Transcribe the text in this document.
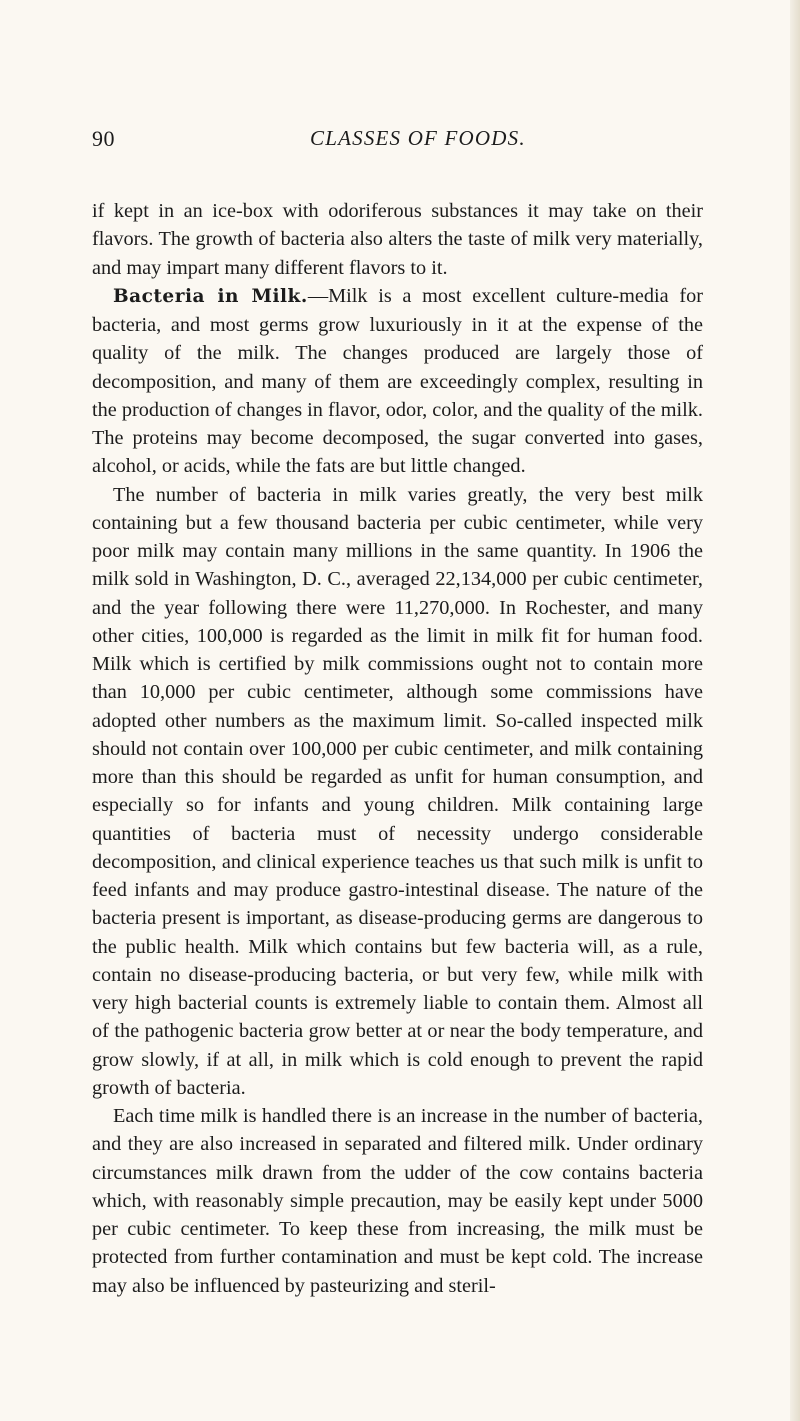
90	CLASSES OF FOODS.

if kept in an ice-box with odoriferous substances it may take on their flavors. The growth of bacteria also alters the taste of milk very materially, and may impart many different flavors to it.

Bacteria in Milk.—Milk is a most excellent culture-media for bacteria, and most germs grow luxuriously in it at the expense of the quality of the milk. The changes produced are largely those of decomposition, and many of them are exceedingly complex, resulting in the production of changes in flavor, odor, color, and the quality of the milk. The proteins may become decomposed, the sugar converted into gases, alcohol, or acids, while the fats are but little changed.

The number of bacteria in milk varies greatly, the very best milk containing but a few thousand bacteria per cubic centimeter, while very poor milk may contain many millions in the same quantity. In 1906 the milk sold in Washington, D. C., averaged 22,134,000 per cubic centimeter, and the year following there were 11,270,000. In Rochester, and many other cities, 100,000 is regarded as the limit in milk fit for human food. Milk which is certified by milk commissions ought not to contain more than 10,000 per cubic centimeter, although some commissions have adopted other numbers as the maximum limit. So-called inspected milk should not contain over 100,000 per cubic centimeter, and milk containing more than this should be regarded as unfit for human consumption, and especially so for infants and young children. Milk containing large quantities of bacteria must of necessity undergo considerable decomposition, and clinical experience teaches us that such milk is unfit to feed infants and may produce gastro-intestinal disease. The nature of the bacteria present is important, as disease-producing germs are dangerous to the public health. Milk which contains but few bacteria will, as a rule, contain no disease-producing bacteria, or but very few, while milk with very high bacterial counts is extremely liable to contain them. Almost all of the pathogenic bacteria grow better at or near the body temperature, and grow slowly, if at all, in milk which is cold enough to prevent the rapid growth of bacteria.

Each time milk is handled there is an increase in the number of bacteria, and they are also increased in separated and filtered milk. Under ordinary circumstances milk drawn from the udder of the cow contains bacteria which, with reasonably simple precaution, may be easily kept under 5000 per cubic centimeter. To keep these from increasing, the milk must be protected from further contamination and must be kept cold. The increase may also be influenced by pasteurizing and steril-
